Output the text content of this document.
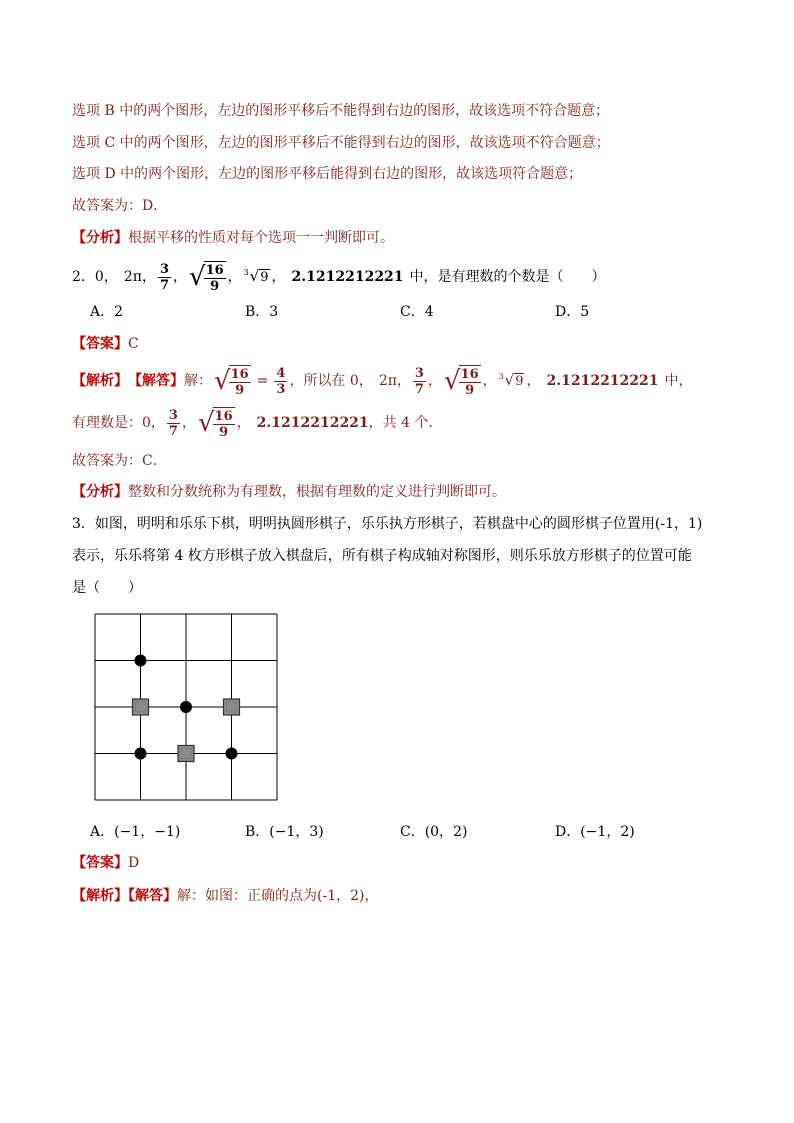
选项 B 中的两个图形，左边的图形平移后不能得到右边的图形，故该选项不符合题意；
选项 C 中的两个图形，左边的图形平移后不能得到右边的图形，故该选项不符合题意；
选项 D 中的两个图形，左边的图形平移后能得到右边的图形，故该选项符合题意；
故答案为：D．
【分析】根据平移的性质对每个选项一一判断即可。
2． 0， 2π ， $\frac{3}{7}$ ， √
$\frac{16}{9}$ ， 3 √9 ， 2.1212212221 中，是有理数的个数是（　　）
A．2	B．3	C．4	D．5
【答案】C
【解析】 【解答】 解： √
$\frac{16}{9} = \frac{4}{3}$ ，所以在 0， 2π ， $\frac{3}{7}$ ， √
$\frac{16}{9}$ ， 3 √9 ， 2.1212212221 中，
有理数是：0， $\frac{3}{7}$ ， √
$\frac{16}{9}$ ， 2.1212212221 ，共 4 个．
故答案为：C．
【分析】整数和分数统称为有理数，根据有理数的定义进行判断即可。
3．如图，明明和乐乐下棋，明明执圆形棋子，乐乐执方形棋子，若棋盘中心的圆形棋子位置用(-1，1)
表示，乐乐将第 4 枚方形棋子放入棋盘后，所有棋子构成轴对称图形，则乐乐放方形棋子的位置可能
是（　　）
A．(−1，−1)	B．(−1，3)	C．(0，2)	D．(−1，2)
【答案】D
【解析】【解答】解：如图：正确的点为(-1，2)，
